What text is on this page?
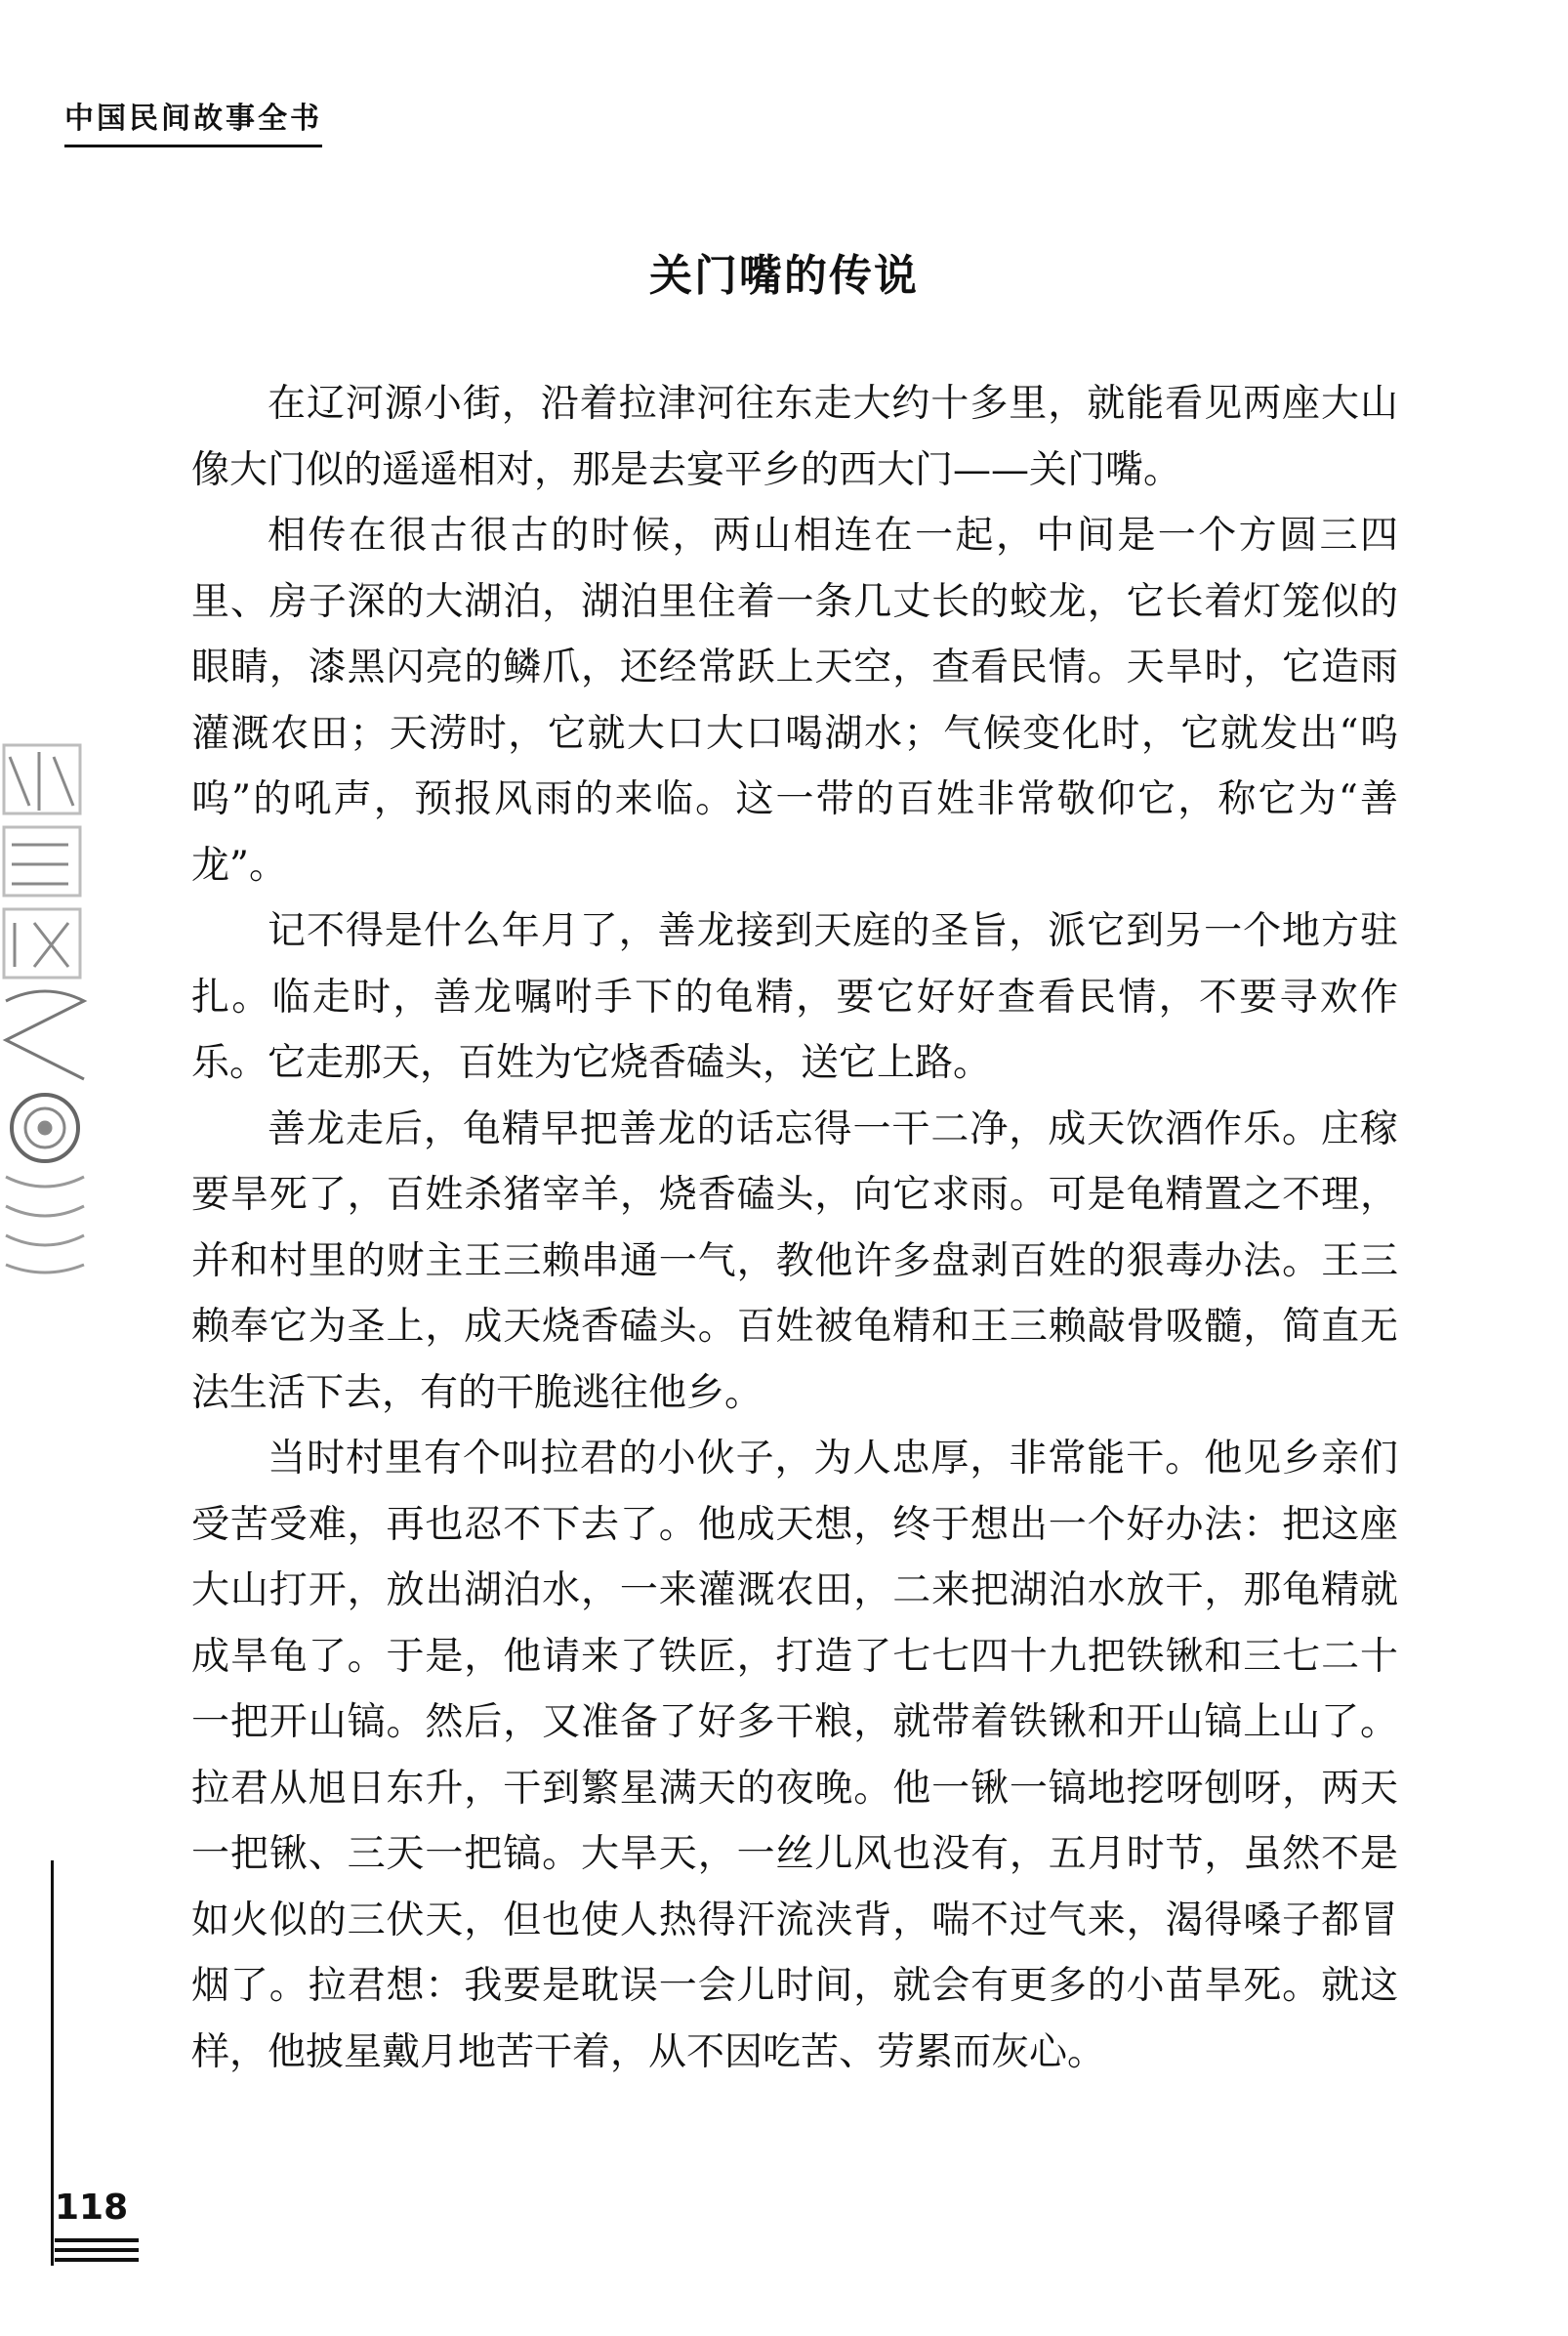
中国民间故事全书
关门嘴的传说

在辽河源小街，沿着拉津河往东走大约十多里，就能看见两座大山像大门似的遥遥相对，那是去宴平乡的西大门——关门嘴。

相传在很古很古的时候，两山相连在一起，中间是一个方圆三四里、房子深的大湖泊，湖泊里住着一条几丈长的蛟龙，它长着灯笼似的眼睛，漆黑闪亮的鳞爪，还经常跃上天空，查看民情。天旱时，它造雨灌溉农田；天涝时，它就大口大口喝湖水；气候变化时，它就发出“呜呜”的吼声，预报风雨的来临。这一带的百姓非常敬仰它，称它为“善龙”。

记不得是什么年月了，善龙接到天庭的圣旨，派它到另一个地方驻扎。临走时，善龙嘱咐手下的龟精，要它好好查看民情，不要寻欢作乐。它走那天，百姓为它烧香磕头，送它上路。

善龙走后，龟精早把善龙的话忘得一干二净，成天饮酒作乐。庄稼要旱死了，百姓杀猪宰羊，烧香磕头，向它求雨。可是龟精置之不理，并和村里的财主王三赖串通一气，教他许多盘剥百姓的狠毒办法。王三赖奉它为圣上，成天烧香磕头。百姓被龟精和王三赖敲骨吸髓，简直无法生活下去，有的干脆逃往他乡。

当时村里有个叫拉君的小伙子，为人忠厚，非常能干。他见乡亲们受苦受难，再也忍不下去了。他成天想，终于想出一个好办法：把这座大山打开，放出湖泊水，一来灌溉农田，二来把湖泊水放干，那龟精就成旱龟了。于是，他请来了铁匠，打造了七七四十九把铁锹和三七二十一把开山镐。然后，又准备了好多干粮，就带着铁锹和开山镐上山了。拉君从旭日东升，干到繁星满天的夜晚。他一锹一镐地挖呀刨呀，两天一把锹、三天一把镐。大旱天，一丝儿风也没有，五月时节，虽然不是如火似的三伏天，但也使人热得汗流浃背，喘不过气来，渴得嗓子都冒烟了。拉君想：我要是耽误一会儿时间，就会有更多的小苗旱死。就这样，他披星戴月地苦干着，从不因吃苦、劳累而灰心。

118
